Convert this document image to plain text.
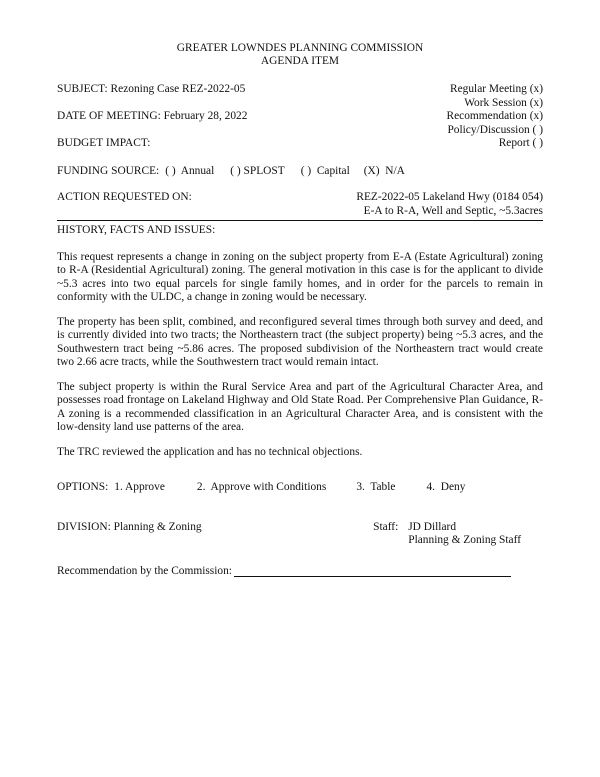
GREATER LOWNDES PLANNING COMMISSION
AGENDA ITEM
SUBJECT: Rezoning Case REZ-2022-05
DATE OF MEETING: February 28, 2022
BUDGET IMPACT:
Regular Meeting (x)
Work Session (x)
Recommendation (x)
Policy/Discussion ( )
Report ( )
FUNDING SOURCE: ( )  Annual ( ) SPLOST ( )  Capital (X)  N/A
ACTION REQUESTED ON:	REZ-2022-05 Lakeland Hwy (0184 054)
E-A to R-A, Well and Septic, ~5.3acres
HISTORY, FACTS AND ISSUES:
This request represents a change in zoning on the subject property from E-A (Estate Agricultural) zoning to R-A (Residential Agricultural) zoning. The general motivation in this case is for the applicant to divide ~5.3 acres into two equal parcels for single family homes, and in order for the parcels to remain in conformity with the ULDC, a change in zoning would be necessary.
The property has been split, combined, and reconfigured several times through both survey and deed, and is currently divided into two tracts; the Northeastern tract (the subject property) being ~5.3 acres, and the Southwestern tract being ~5.86 acres. The proposed subdivision of the Northeastern tract would create two 2.66 acre tracts, while the Southwestern tract would remain intact.
The subject property is within the Rural Service Area and part of the Agricultural Character Area, and possesses road frontage on Lakeland Highway and Old State Road. Per Comprehensive Plan Guidance, R-A zoning is a recommended classification in an Agricultural Character Area, and is consistent with the low-density land use patterns of the area.
The TRC reviewed the application and has no technical objections.
OPTIONS: 1. Approve	2.  Approve with Conditions	3.  Table	4.  Deny
DIVISION: Planning & Zoning	Staff: JD Dillard
Planning & Zoning Staff
Recommendation by the Commission:
